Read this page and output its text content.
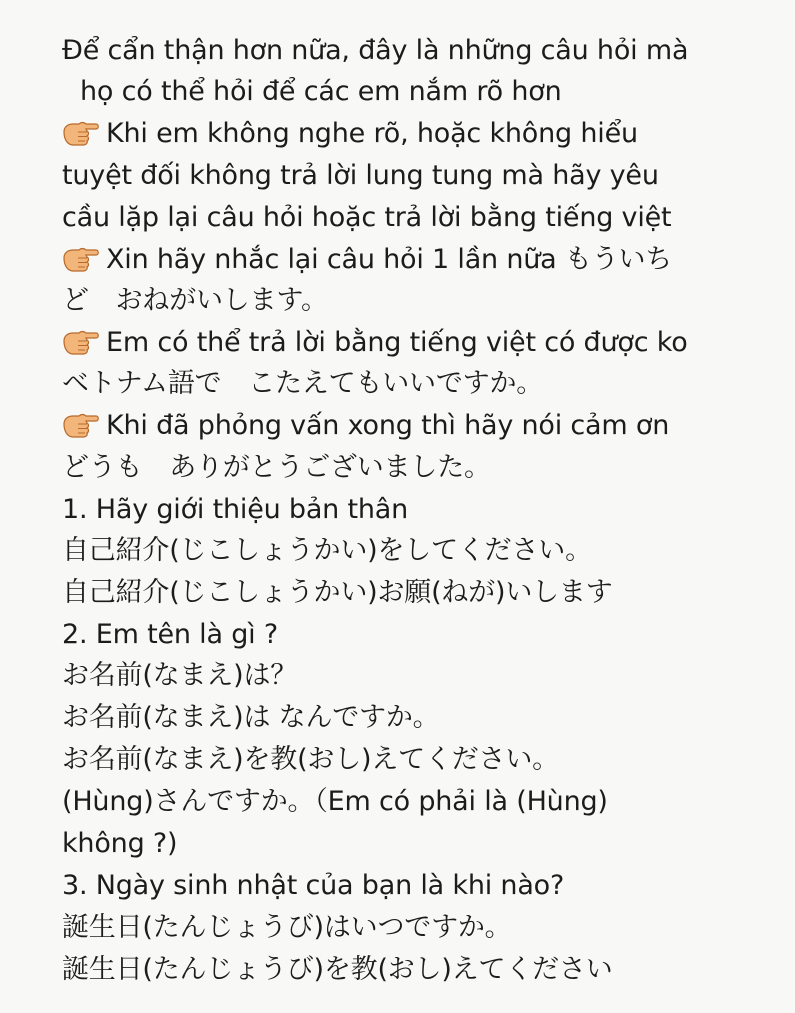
Để cẩn thận hơn nữa, đây là những câu hỏi mà
họ có thể hỏi để các em nắm rõ hơn
Khi em không nghe rõ, hoặc không hiểu
tuyệt đối không trả lời lung tung mà hãy yêu
cầu lặp lại câu hỏi hoặc trả lời bằng tiếng việt
Xin hãy nhắc lại câu hỏi 1 lần nữa もういち
ど　おねがいします。
Em có thể trả lời bằng tiếng việt có được ko
ベトナム語で　こたえてもいいですか。
Khi đã phỏng vấn xong thì hãy nói cảm ơn
どうも　ありがとうございました。
1. Hãy giới thiệu bản thân
自己紹介(じこしょうかい)をしてください。
自己紹介(じこしょうかい)お願(ねが)いします
2. Em tên là gì ?
お名前(なまえ)は？
お名前(なまえ)は なんですか。
お名前(なまえ)を教(おし)えてください。
(Hùng)さんですか。（Em có phải là (Hùng)
không ?)
3. Ngày sinh nhật của bạn là khi nào?
誕生日(たんじょうび)はいつですか。
誕生日(たんじょうび)を教(おし)えてください
